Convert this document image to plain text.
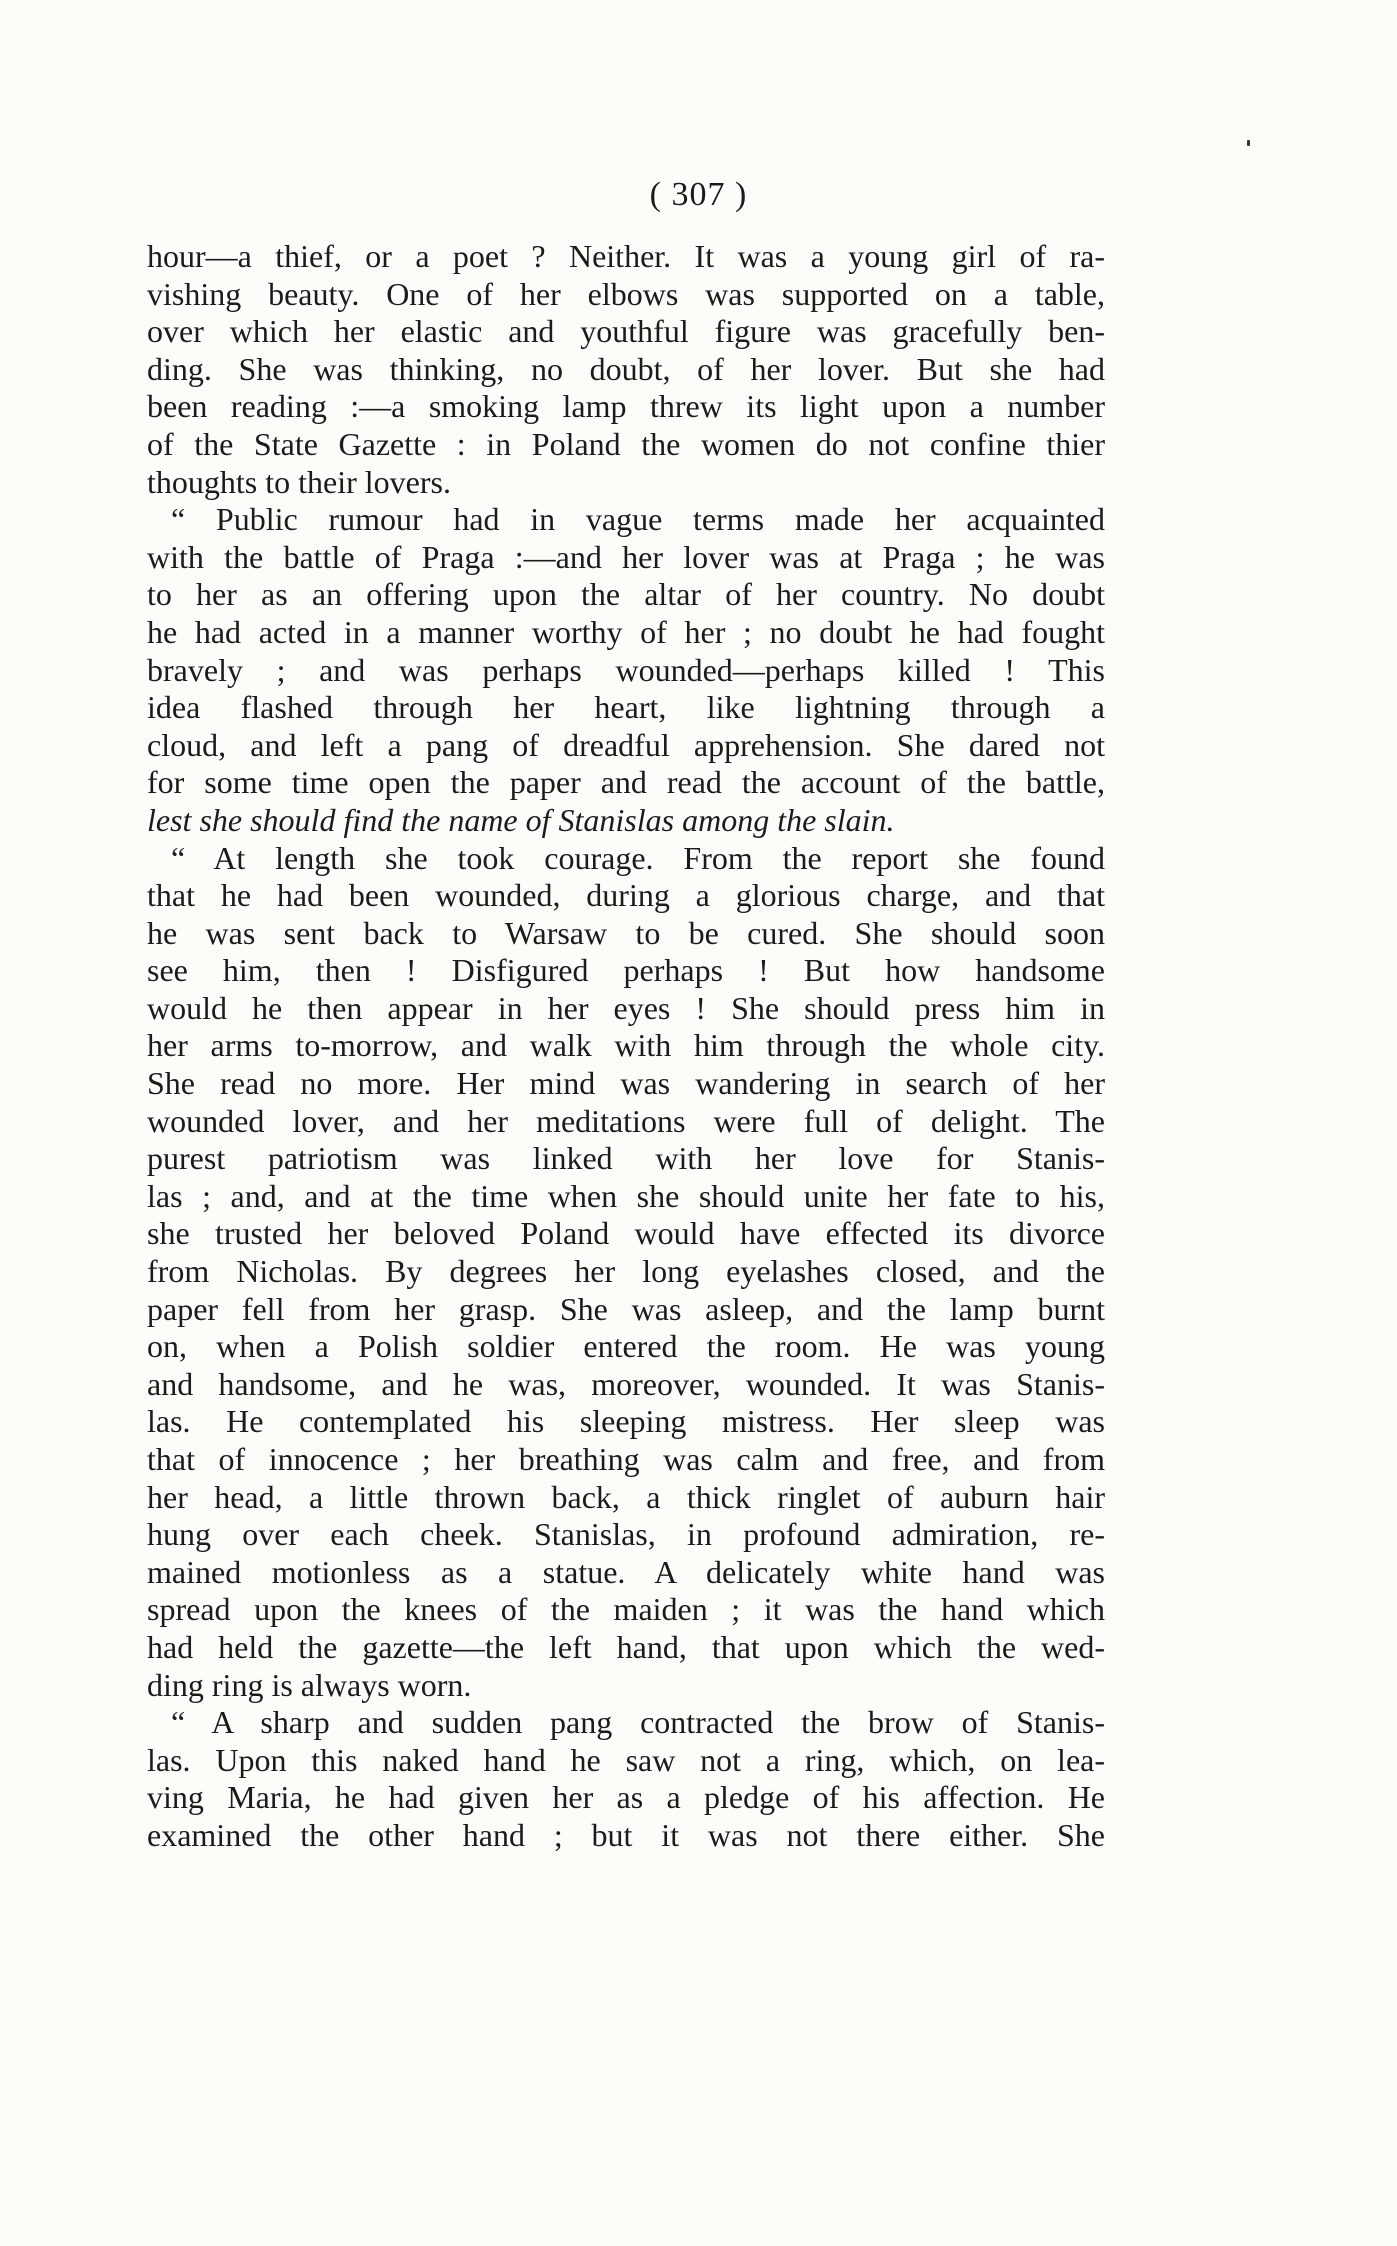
( 307 )
hour—a thief, or a poet ? Neither. It was a young girl of ra-
vishing beauty. One of her elbows was supported on a table,
over which her elastic and youthful figure was gracefully ben-
ding. She was thinking, no doubt, of her lover. But she had
been reading :—a smoking lamp threw its light upon a number
of the State Gazette : in Poland the women do not confine thier
thoughts to their lovers.
“ Public rumour had in vague terms made her acquainted
with the battle of Praga :—and her lover was at Praga ; he was
to her as an offering upon the altar of her country. No doubt
he had acted in a manner worthy of her ; no doubt he had fought
bravely ; and was perhaps wounded—perhaps killed ! This
idea flashed through her heart, like lightning through a
cloud, and left a pang of dreadful apprehension. She dared not
for some time open the paper and read the account of the battle,
lest she should find the name of Stanislas among the slain.
“ At length she took courage. From the report she found
that he had been wounded, during a glorious charge, and that
he was sent back to Warsaw to be cured. She should soon
see him, then ! Disfigured perhaps ! But how handsome
would he then appear in her eyes ! She should press him in
her arms to-morrow, and walk with him through the whole city.
She read no more. Her mind was wandering in search of her
wounded lover, and her meditations were full of delight. The
purest patriotism was linked with her love for Stanis-
las ; and, and at the time when she should unite her fate to his,
she trusted her beloved Poland would have effected its divorce
from Nicholas. By degrees her long eyelashes closed, and the
paper fell from her grasp. She was asleep, and the lamp burnt
on, when a Polish soldier entered the room. He was young
and handsome, and he was, moreover, wounded. It was Stanis-
las. He contemplated his sleeping mistress. Her sleep was
that of innocence ; her breathing was calm and free, and from
her head, a little thrown back, a thick ringlet of auburn hair
hung over each cheek. Stanislas, in profound admiration, re-
mained motionless as a statue. A delicately white hand was
spread upon the knees of the maiden ; it was the hand which
had held the gazette—the left hand, that upon which the wed-
ding ring is always worn.
“ A sharp and sudden pang contracted the brow of Stanis-
las. Upon this naked hand he saw not a ring, which, on lea-
ving Maria, he had given her as a pledge of his affection. He
examined the other hand ; but it was not there either. She
